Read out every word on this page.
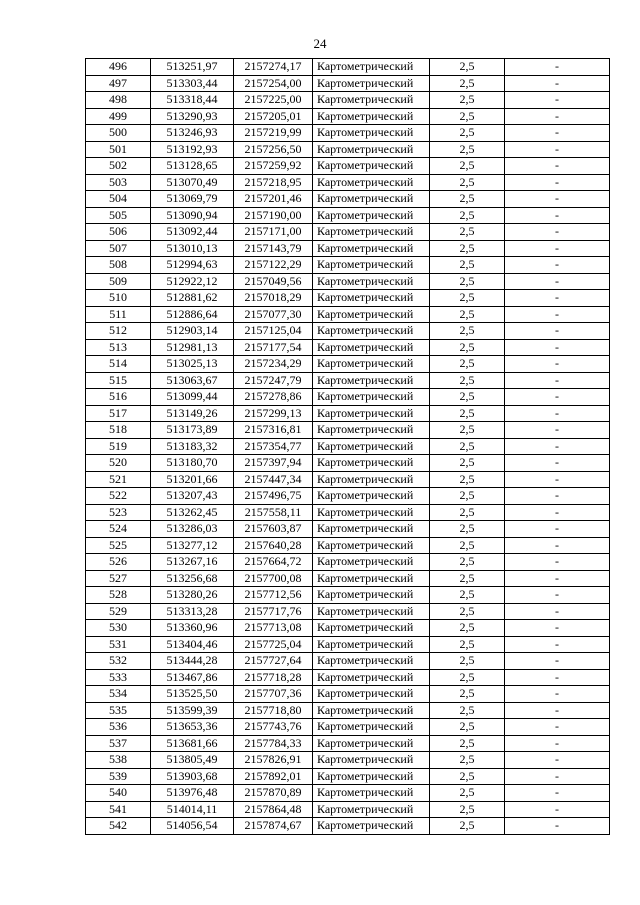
24
496	513251,97	2157274,17	Картометрический	2,5	-
497	513303,44	2157254,00	Картометрический	2,5	-
498	513318,44	2157225,00	Картометрический	2,5	-
499	513290,93	2157205,01	Картометрический	2,5	-
500	513246,93	2157219,99	Картометрический	2,5	-
501	513192,93	2157256,50	Картометрический	2,5	-
502	513128,65	2157259,92	Картометрический	2,5	-
503	513070,49	2157218,95	Картометрический	2,5	-
504	513069,79	2157201,46	Картометрический	2,5	-
505	513090,94	2157190,00	Картометрический	2,5	-
506	513092,44	2157171,00	Картометрический	2,5	-
507	513010,13	2157143,79	Картометрический	2,5	-
508	512994,63	2157122,29	Картометрический	2,5	-
509	512922,12	2157049,56	Картометрический	2,5	-
510	512881,62	2157018,29	Картометрический	2,5	-
511	512886,64	2157077,30	Картометрический	2,5	-
512	512903,14	2157125,04	Картометрический	2,5	-
513	512981,13	2157177,54	Картометрический	2,5	-
514	513025,13	2157234,29	Картометрический	2,5	-
515	513063,67	2157247,79	Картометрический	2,5	-
516	513099,44	2157278,86	Картометрический	2,5	-
517	513149,26	2157299,13	Картометрический	2,5	-
518	513173,89	2157316,81	Картометрический	2,5	-
519	513183,32	2157354,77	Картометрический	2,5	-
520	513180,70	2157397,94	Картометрический	2,5	-
521	513201,66	2157447,34	Картометрический	2,5	-
522	513207,43	2157496,75	Картометрический	2,5	-
523	513262,45	2157558,11	Картометрический	2,5	-
524	513286,03	2157603,87	Картометрический	2,5	-
525	513277,12	2157640,28	Картометрический	2,5	-
526	513267,16	2157664,72	Картометрический	2,5	-
527	513256,68	2157700,08	Картометрический	2,5	-
528	513280,26	2157712,56	Картометрический	2,5	-
529	513313,28	2157717,76	Картометрический	2,5	-
530	513360,96	2157713,08	Картометрический	2,5	-
531	513404,46	2157725,04	Картометрический	2,5	-
532	513444,28	2157727,64	Картометрический	2,5	-
533	513467,86	2157718,28	Картометрический	2,5	-
534	513525,50	2157707,36	Картометрический	2,5	-
535	513599,39	2157718,80	Картометрический	2,5	-
536	513653,36	2157743,76	Картометрический	2,5	-
537	513681,66	2157784,33	Картометрический	2,5	-
538	513805,49	2157826,91	Картометрический	2,5	-
539	513903,68	2157892,01	Картометрический	2,5	-
540	513976,48	2157870,89	Картометрический	2,5	-
541	514014,11	2157864,48	Картометрический	2,5	-
542	514056,54	2157874,67	Картометрический	2,5	-
